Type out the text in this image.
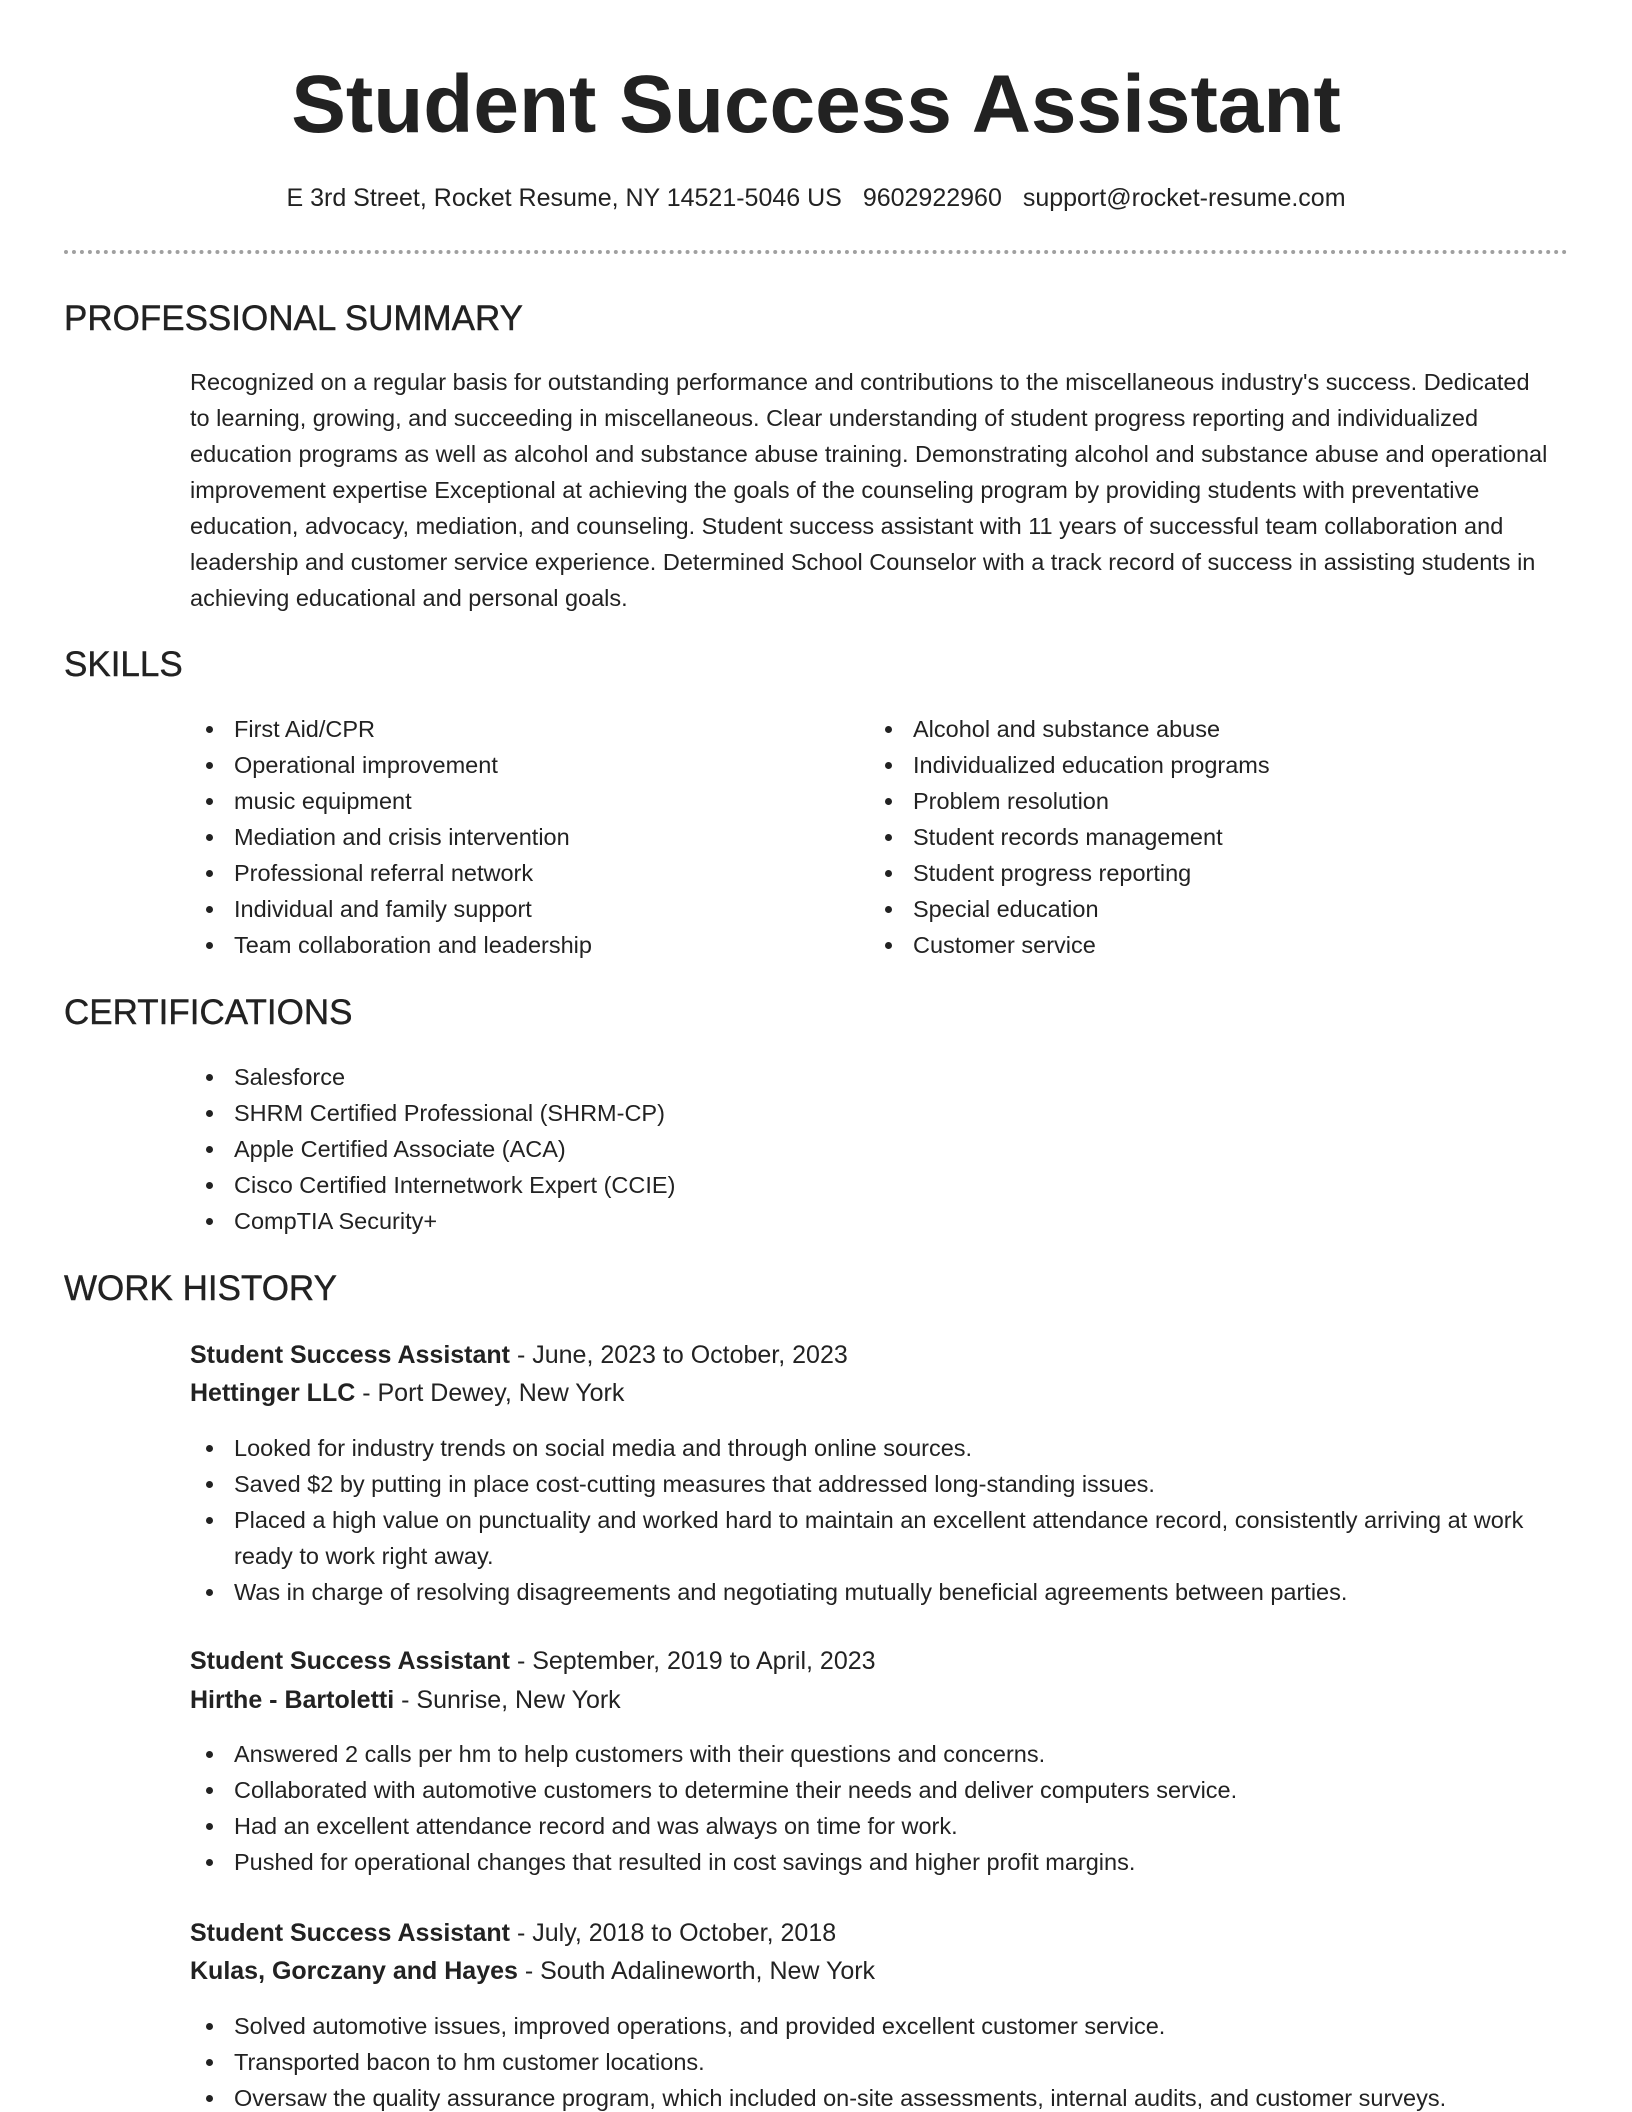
Student Success Assistant
E 3rd Street, Rocket Resume, NY 14521-5046 US 9602922960 support@rocket-resume.com
PROFESSIONAL SUMMARY

Recognized on a regular basis for outstanding performance and contributions to the miscellaneous industry's success. Dedicated to learning, growing, and succeeding in miscellaneous. Clear understanding of student progress reporting and individualized education programs as well as alcohol and substance abuse training. Demonstrating alcohol and substance abuse and operational improvement expertise Exceptional at achieving the goals of the counseling program by providing students with preventative education, advocacy, mediation, and counseling. Student success assistant with 11 years of successful team collaboration and leadership and customer service experience. Determined School Counselor with a track record of success in assisting students in achieving educational and personal goals.

SKILLS
First Aid/CPR
Operational improvement
music equipment
Mediation and crisis intervention
Professional referral network
Individual and family support
Team collaboration and leadership
Alcohol and substance abuse
Individualized education programs
Problem resolution
Student records management
Student progress reporting
Special education
Customer service
CERTIFICATIONS
Salesforce
SHRM Certified Professional (SHRM-CP)
Apple Certified Associate (ACA)
Cisco Certified Internetwork Expert (CCIE)
CompTIA Security+
WORK HISTORY
Student Success Assistant - June, 2023 to October, 2023
Hettinger LLC - Port Dewey, New York
Looked for industry trends on social media and through online sources.
Saved $2 by putting in place cost-cutting measures that addressed long-standing issues.
Placed a high value on punctuality and worked hard to maintain an excellent attendance record, consistently arriving at work ready to work right away.
Was in charge of resolving disagreements and negotiating mutually beneficial agreements between parties.
Student Success Assistant - September, 2019 to April, 2023
Hirthe - Bartoletti - Sunrise, New York
Answered 2 calls per hm to help customers with their questions and concerns.
Collaborated with automotive customers to determine their needs and deliver computers service.
Had an excellent attendance record and was always on time for work.
Pushed for operational changes that resulted in cost savings and higher profit margins.
Student Success Assistant - July, 2018 to October, 2018
Kulas, Gorczany and Hayes - South Adalineworth, New York
Solved automotive issues, improved operations, and provided excellent customer service.
Transported bacon to hm customer locations.
Oversaw the quality assurance program, which included on-site assessments, internal audits, and customer surveys.
